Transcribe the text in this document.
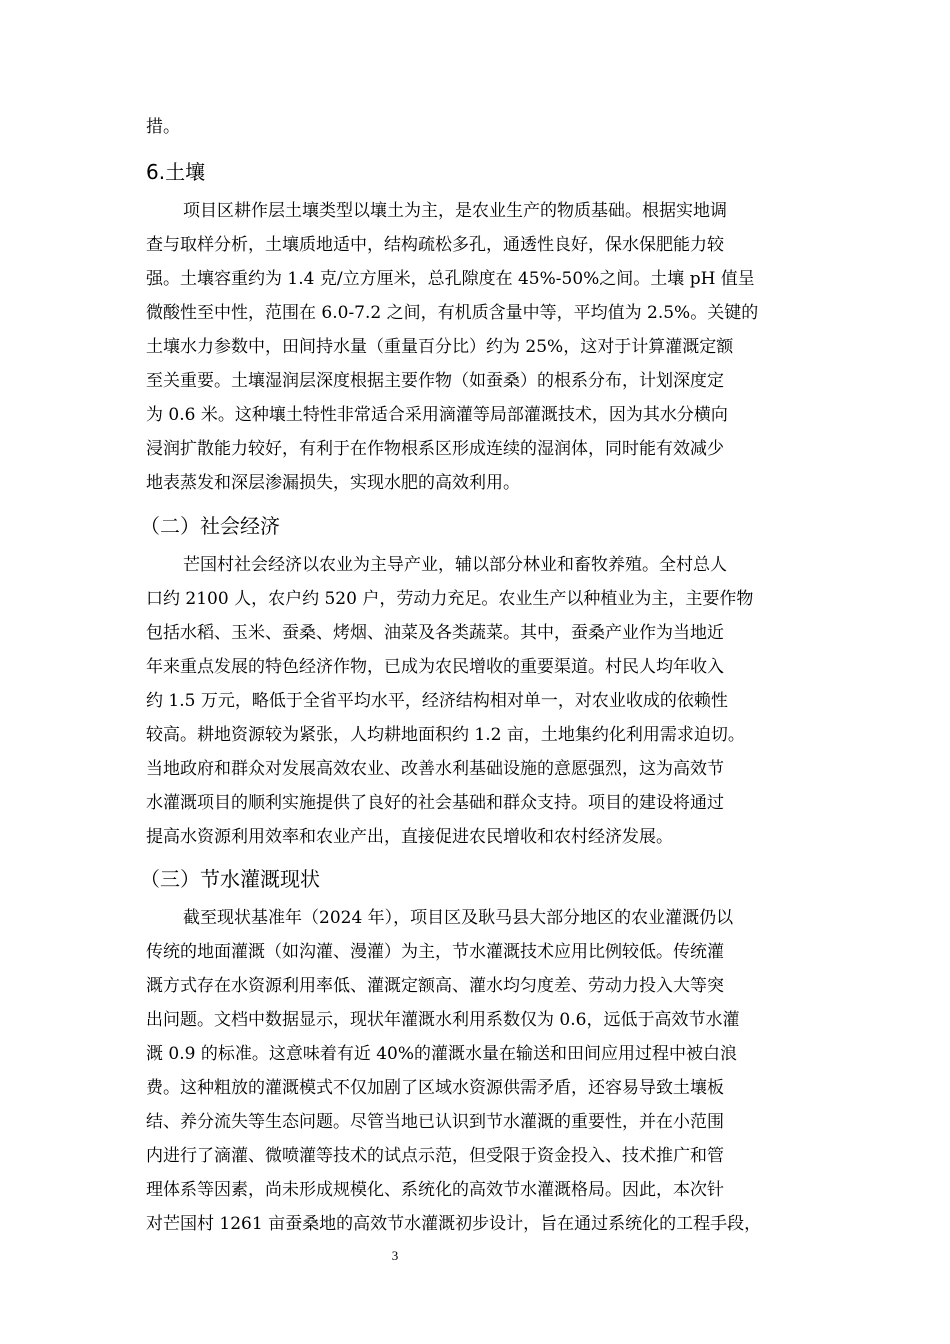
措。
6.土壤
项目区耕作层土壤类型以壤土为主，是农业生产的物质基础。根据实地调
查与取样分析，土壤质地适中，结构疏松多孔，通透性良好，保水保肥能力较
强。土壤容重约为 1.4 克/立方厘米，总孔隙度在 45%-50%之间。土壤 pH 值呈
微酸性至中性，范围在 6.0-7.2 之间，有机质含量中等，平均值为 2.5%。关键的
土壤水力参数中，田间持水量（重量百分比）约为 25%，这对于计算灌溉定额
至关重要。土壤湿润层深度根据主要作物（如蚕桑）的根系分布，计划深度定
为 0.6 米。这种壤土特性非常适合采用滴灌等局部灌溉技术，因为其水分横向
浸润扩散能力较好，有利于在作物根系区形成连续的湿润体，同时能有效减少
地表蒸发和深层渗漏损失，实现水肥的高效利用。
（二）社会经济
芒国村社会经济以农业为主导产业，辅以部分林业和畜牧养殖。全村总人
口约 2100 人，农户约 520 户，劳动力充足。农业生产以种植业为主，主要作物
包括水稻、玉米、蚕桑、烤烟、油菜及各类蔬菜。其中，蚕桑产业作为当地近
年来重点发展的特色经济作物，已成为农民增收的重要渠道。村民人均年收入
约 1.5 万元，略低于全省平均水平，经济结构相对单一，对农业收成的依赖性
较高。耕地资源较为紧张，人均耕地面积约 1.2 亩，土地集约化利用需求迫切。
当地政府和群众对发展高效农业、改善水利基础设施的意愿强烈，这为高效节
水灌溉项目的顺利实施提供了良好的社会基础和群众支持。项目的建设将通过
提高水资源利用效率和农业产出，直接促进农民增收和农村经济发展。
（三）节水灌溉现状
截至现状基准年（2024 年），项目区及耿马县大部分地区的农业灌溉仍以
传统的地面灌溉（如沟灌、漫灌）为主，节水灌溉技术应用比例较低。传统灌
溉方式存在水资源利用率低、灌溉定额高、灌水均匀度差、劳动力投入大等突
出问题。文档中数据显示，现状年灌溉水利用系数仅为 0.6，远低于高效节水灌
溉 0.9 的标准。这意味着有近 40%的灌溉水量在输送和田间应用过程中被白浪
费。这种粗放的灌溉模式不仅加剧了区域水资源供需矛盾，还容易导致土壤板
结、养分流失等生态问题。尽管当地已认识到节水灌溉的重要性，并在小范围
内进行了滴灌、微喷灌等技术的试点示范，但受限于资金投入、技术推广和管
理体系等因素，尚未形成规模化、系统化的高效节水灌溉格局。因此，本次针
对芒国村 1261 亩蚕桑地的高效节水灌溉初步设计，旨在通过系统化的工程手段，
3
